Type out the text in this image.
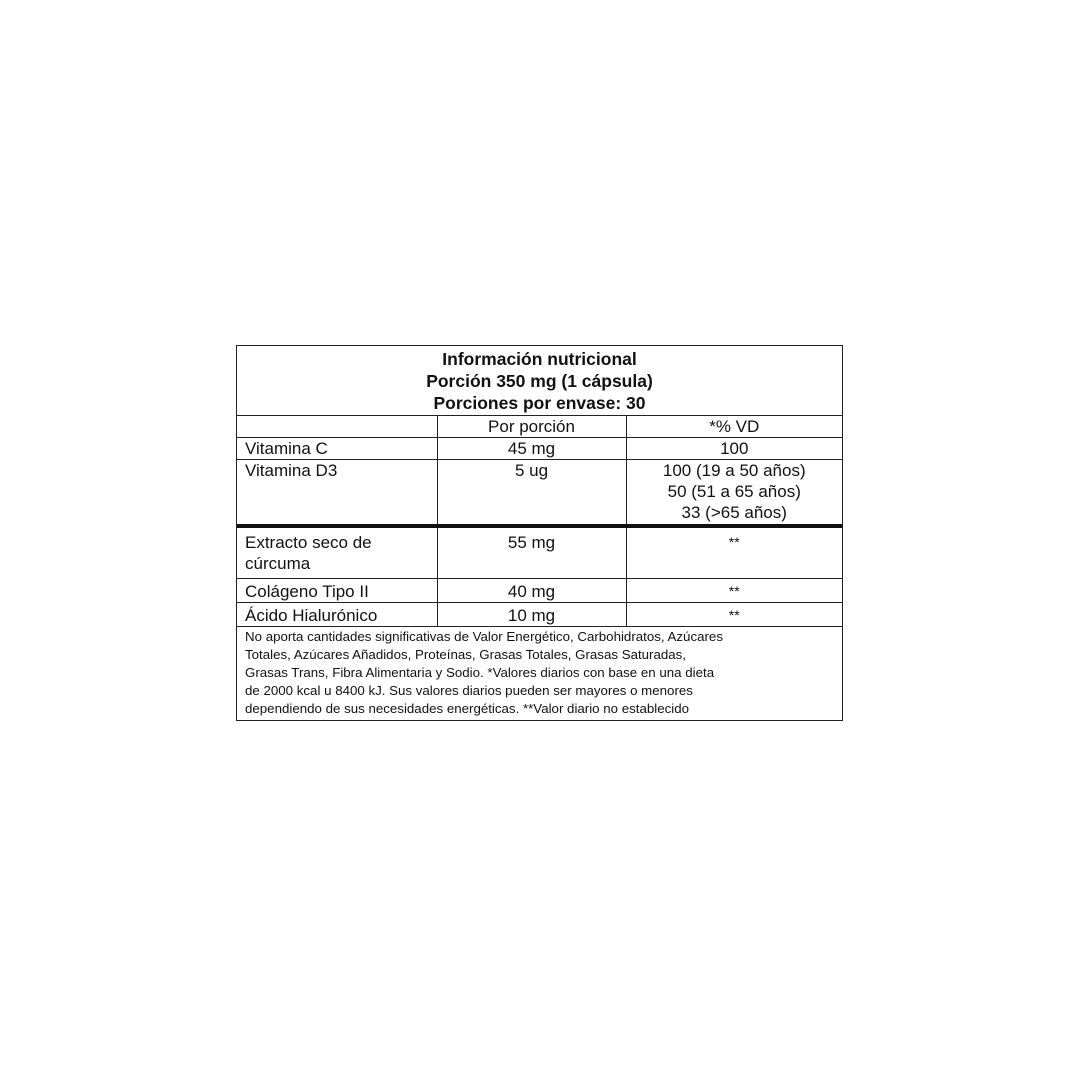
Información nutricional
Porción 350 mg (1 cápsula)
Porciones por envase: 30
	Por porción	*% VD
Vitamina C	45 mg	100
Vitamina D3	5 ug	100 (19 a 50 años)
50 (51 a 65 años)
33 (>65 años)

Extracto seco de
cúrcuma	55 mg	**
Colágeno Tipo II	40 mg	**
Ácido Hialurónico	10 mg	**
No aporta cantidades significativas de Valor Energético, Carbohidratos, Azúcares
Totales, Azúcares Añadidos, Proteínas, Grasas Totales, Grasas Saturadas,
Grasas Trans, Fibra Alimentaria y Sodio. *Valores diarios con base en una dieta
de 2000 kcal u 8400 kJ. Sus valores diarios pueden ser mayores o menores
dependiendo de sus necesidades energéticas. **Valor diario no establecido
